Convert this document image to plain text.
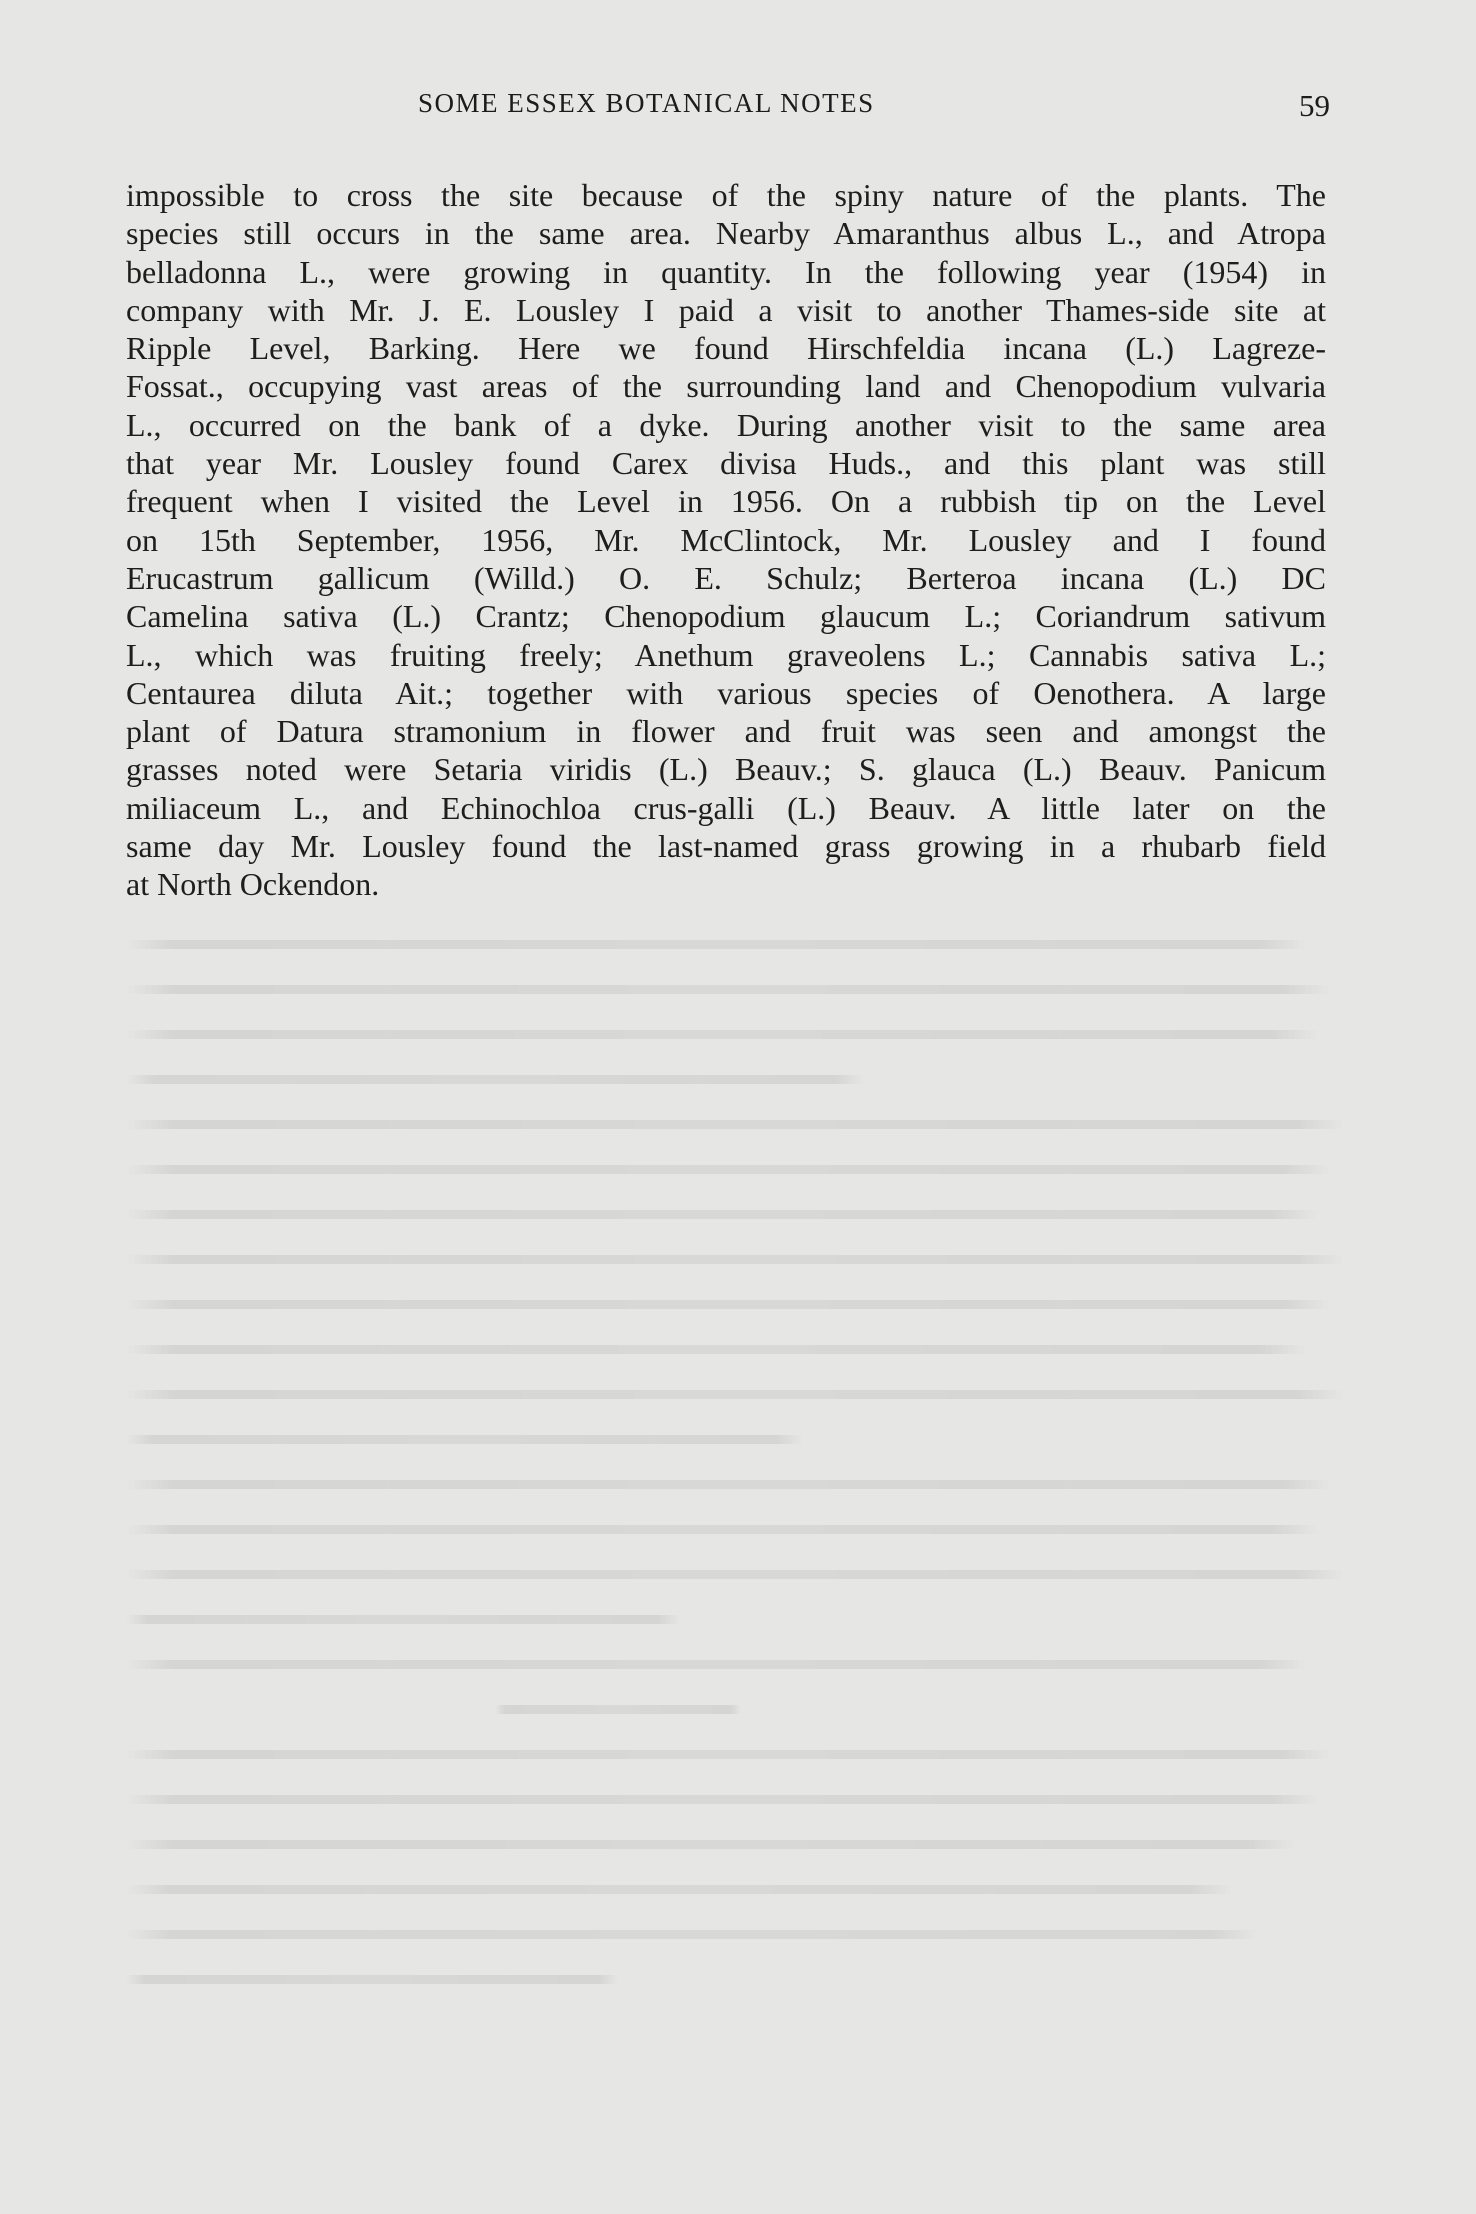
SOME ESSEX BOTANICAL NOTES	59
impossible to cross the site because of the spiny nature of the plants. The
species still occurs in the same area. Nearby Amaranthus albus L., and Atropa
belladonna L., were growing in quantity. In the following year (1954) in
company with Mr. J. E. Lousley I paid a visit to another Thames-side site at
Ripple Level, Barking. Here we found Hirschfeldia incana (L.) Lagreze-
Fossat., occupying vast areas of the surrounding land and Chenopodium vulvaria
L., occurred on the bank of a dyke. During another visit to the same area
that year Mr. Lousley found Carex divisa Huds., and this plant was still
frequent when I visited the Level in 1956. On a rubbish tip on the Level
on 15th September, 1956, Mr. McClintock, Mr. Lousley and I found
Erucastrum gallicum (Willd.) O. E. Schulz; Berteroa incana (L.) DC
Camelina sativa (L.) Crantz; Chenopodium glaucum L.; Coriandrum sativum
L., which was fruiting freely; Anethum graveolens L.; Cannabis sativa L.;
Centaurea diluta Ait.; together with various species of Oenothera. A large
plant of Datura stramonium in flower and fruit was seen and amongst the
grasses noted were Setaria viridis (L.) Beauv.; S. glauca (L.) Beauv. Panicum
miliaceum L., and Echinochloa crus-galli (L.) Beauv. A little later on the
same day Mr. Lousley found the last-named grass growing in a rhubarb field
at North Ockendon.
